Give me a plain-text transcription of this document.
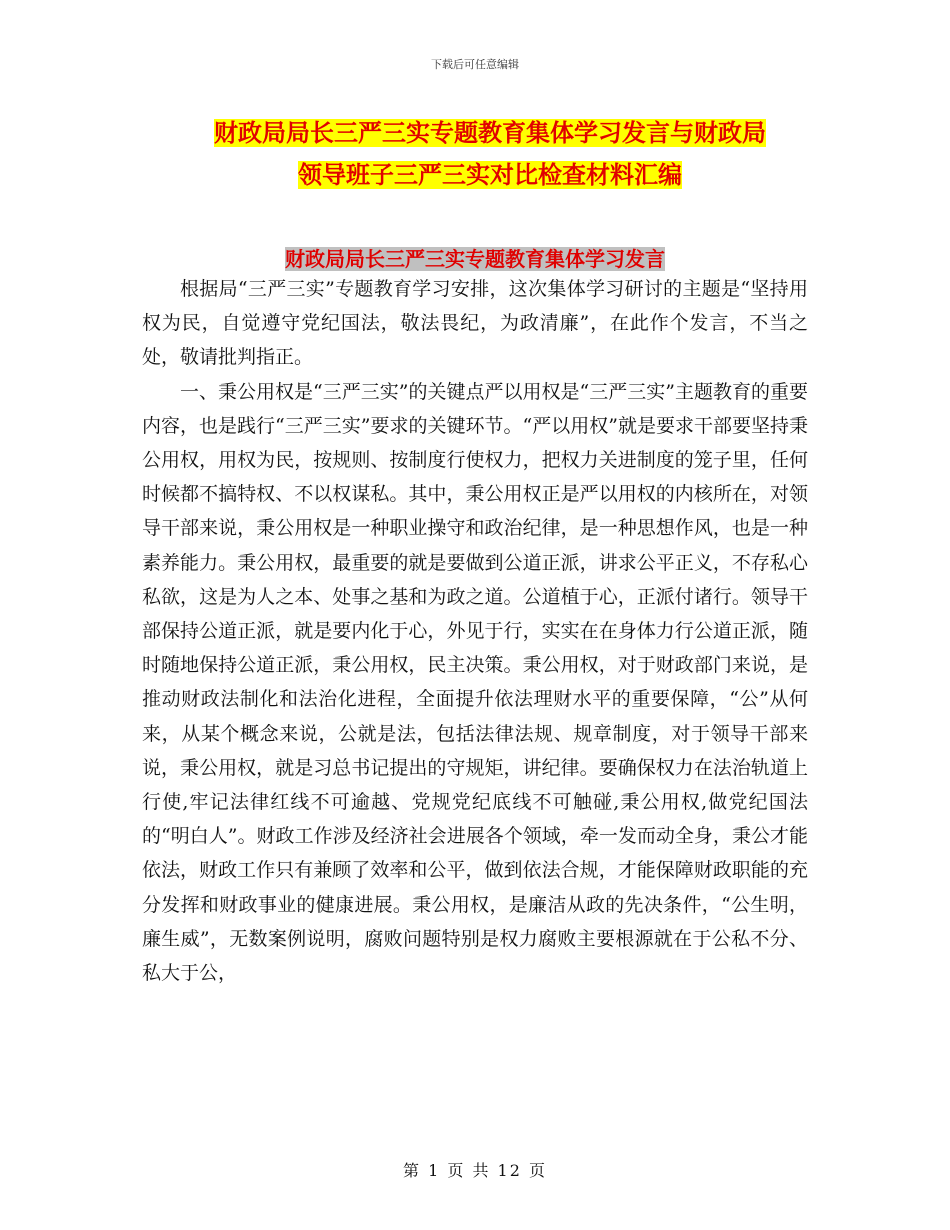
下载后可任意编辑
财政局局长三严三实专题教育集体学习发言与财政局
领导班子三严三实对比检查材料汇编
财政局局长三严三实专题教育集体学习发言

根据局“三严三实”专题教育学习安排，这次集体学习研讨的主题是“坚持用权为民，自觉遵守党纪国法，敬法畏纪，为政清廉”，在此作个发言，不当之处，敬请批判指正。

一、秉公用权是“三严三实”的关键点严以用权是“三严三实”主题教育的重要内容，也是践行“三严三实”要求的关键环节。“严以用权”就是要求干部要坚持秉公用权，用权为民，按规则、按制度行使权力，把权力关进制度的笼子里，任何时候都不搞特权、不以权谋私。其中，秉公用权正是严以用权的内核所在，对领导干部来说，秉公用权是一种职业操守和政治纪律，是一种思想作风，也是一种素养能力。秉公用权，最重要的就是要做到公道正派，讲求公平正义，不存私心私欲，这是为人之本、处事之基和为政之道。公道植于心，正派付诸行。领导干部保持公道正派，就是要内化于心，外见于行，实实在在身体力行公道正派，随时随地保持公道正派，秉公用权，民主决策。秉公用权，对于财政部门来说，是推动财政法制化和法治化进程，全面提升依法理财水平的重要保障，“公”从何来，从某个概念来说，公就是法，包括法律法规、规章制度，对于领导干部来说，秉公用权，就是习总书记提出的守规矩，讲纪律。要确保权力在法治轨道上行使,牢记法律红线不可逾越、党规党纪底线不可触碰,秉公用权,做党纪国法的“明白人”。财政工作涉及经济社会进展各个领域，牵一发而动全身，秉公才能依法，财政工作只有兼顾了效率和公平，做到依法合规，才能保障财政职能的充分发挥和财政事业的健康进展。秉公用权，是廉洁从政的先决条件，“公生明，廉生威”，无数案例说明，腐败问题特别是权力腐败主要根源就在于公私不分、私大于公，

第 1 页 共 12 页
